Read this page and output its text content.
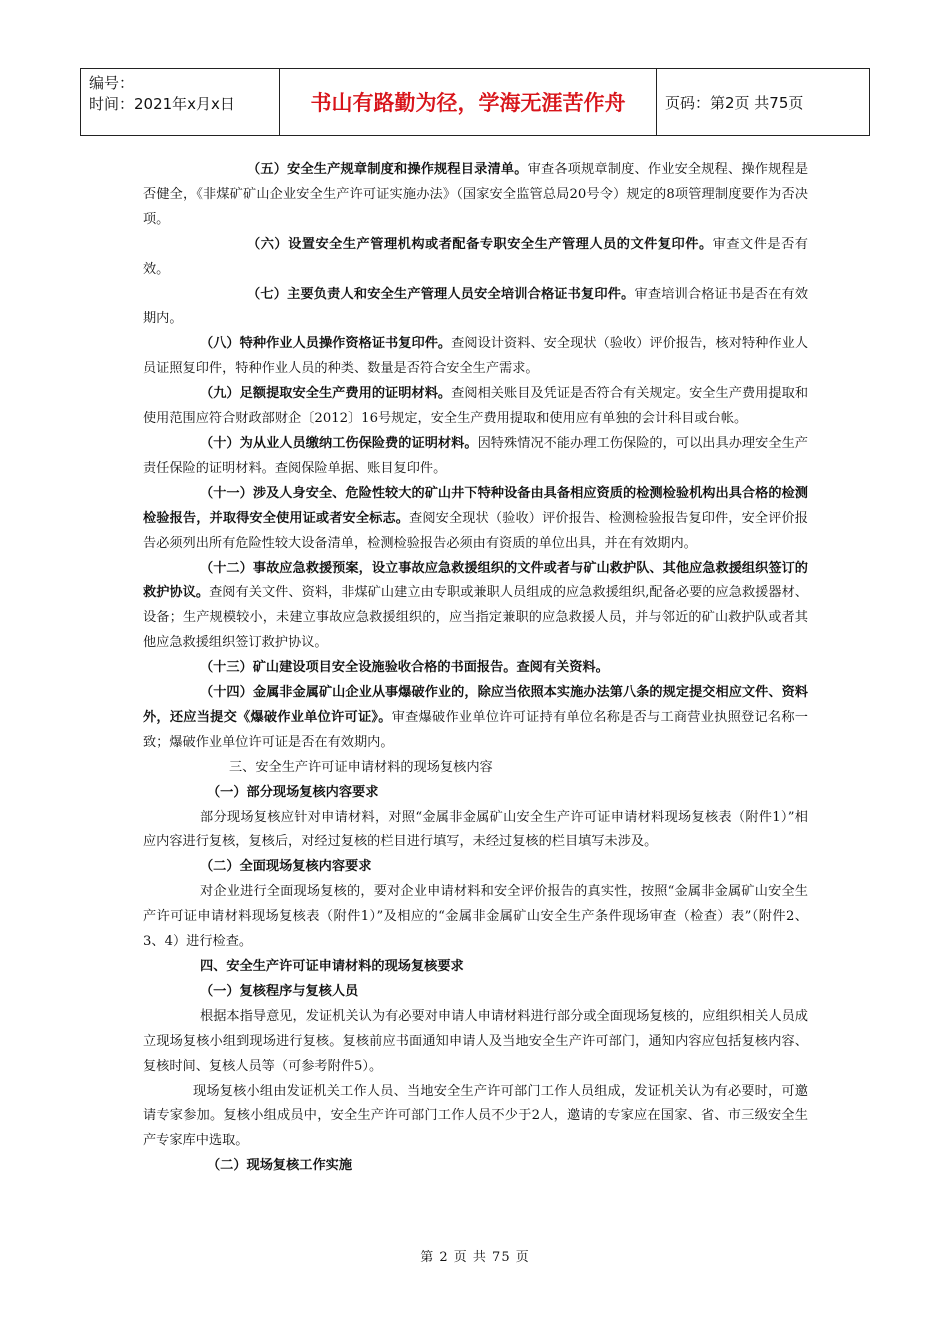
编号：
时间：2021年x月x日	书山有路勤为径，学海无涯苦作舟	页码：第2页 共75页

（五）安全生产规章制度和操作规程目录清单。审查各项规章制度、作业安全规程、操作规程是否健全，《非煤矿矿山企业安全生产许可证实施办法》（国家安全监管总局20号令）规定的8项管理制度要作为否决项。

（六）设置安全生产管理机构或者配备专职安全生产管理人员的文件复印件。审查文件是否有效。

（七）主要负责人和安全生产管理人员安全培训合格证书复印件。审查培训合格证书是否在有效期内。

（八）特种作业人员操作资格证书复印件。查阅设计资料、安全现状（验收）评价报告，核对特种作业人员证照复印件，特种作业人员的种类、数量是否符合安全生产需求。

（九）足额提取安全生产费用的证明材料。查阅相关账目及凭证是否符合有关规定。安全生产费用提取和使用范围应符合财政部财企〔2012〕16号规定，安全生产费用提取和使用应有单独的会计科目或台帐。

（十）为从业人员缴纳工伤保险费的证明材料。因特殊情况不能办理工伤保险的，可以出具办理安全生产责任保险的证明材料。查阅保险单据、账目复印件。

（十一）涉及人身安全、危险性较大的矿山井下特种设备由具备相应资质的检测检验机构出具合格的检测检验报告，并取得安全使用证或者安全标志。查阅安全现状（验收）评价报告、检测检验报告复印件，安全评价报告必须列出所有危险性较大设备清单，检测检验报告必须由有资质的单位出具，并在有效期内。

（十二）事故应急救援预案，设立事故应急救援组织的文件或者与矿山救护队、其他应急救援组织签订的救护协议。查阅有关文件、资料，非煤矿山建立由专职或兼职人员组成的应急救援组织,配备必要的应急救援器材、设备；生产规模较小，未建立事故应急救援组织的，应当指定兼职的应急救援人员，并与邻近的矿山救护队或者其他应急救援组织签订救护协议。

（十三）矿山建设项目安全设施验收合格的书面报告。查阅有关资料。

（十四）金属非金属矿山企业从事爆破作业的，除应当依照本实施办法第八条的规定提交相应文件、资料外，还应当提交《爆破作业单位许可证》。审查爆破作业单位许可证持有单位名称是否与工商营业执照登记名称一致；爆破作业单位许可证是否在有效期内。

三、安全生产许可证申请材料的现场复核内容

（一）部分现场复核内容要求

部分现场复核应针对申请材料，对照“金属非金属矿山安全生产许可证申请材料现场复核表（附件1）”相应内容进行复核，复核后，对经过复核的栏目进行填写，未经过复核的栏目填写未涉及。

（二）全面现场复核内容要求

对企业进行全面现场复核的，要对企业申请材料和安全评价报告的真实性，按照“金属非金属矿山安全生产许可证申请材料现场复核表（附件1）”及相应的“金属非金属矿山安全生产条件现场审查（检查）表”（附件2、3、4）进行检查。

四、安全生产许可证申请材料的现场复核要求

（一）复核程序与复核人员

根据本指导意见，发证机关认为有必要对申请人申请材料进行部分或全面现场复核的，应组织相关人员成立现场复核小组到现场进行复核。复核前应书面通知申请人及当地安全生产许可部门，通知内容应包括复核内容、复核时间、复核人员等（可参考附件5）。

现场复核小组由发证机关工作人员、当地安全生产许可部门工作人员组成，发证机关认为有必要时，可邀请专家参加。复核小组成员中，安全生产许可部门工作人员不少于2人，邀请的专家应在国家、省、市三级安全生产专家库中选取。

（二）现场复核工作实施

第 2 页 共 75 页
